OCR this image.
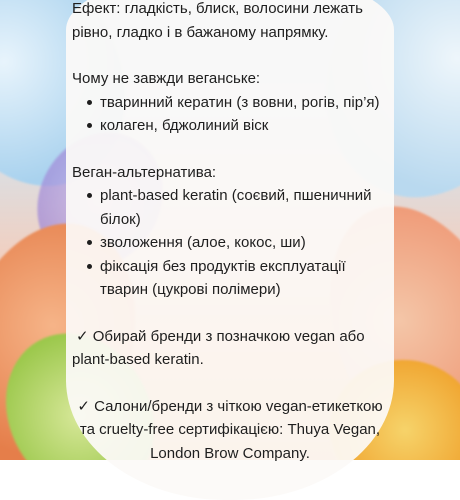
Ефект: гладкість, блиск, волосини лежать

рівно, гладко і в бажаному напрямку.

Чому не завжди веганське:

тваринний кератин (з вовни, рогів, пір’я)
колаген, бджолиний віск

Веган-альтернатива:

plant-based keratin (соєвий, пшеничний
білок)
зволоження (алое, кокос, ши)
фіксація без продуктів експлуатації
тварин (цукрові полімери)

✓ Обирай бренди з позначкою vegan або

plant-based keratin.

✓ Салони/бренди з чіткою vegan-етикеткою

та cruelty-free сертифікацією: Thuya Vegan,

London Brow Company.
